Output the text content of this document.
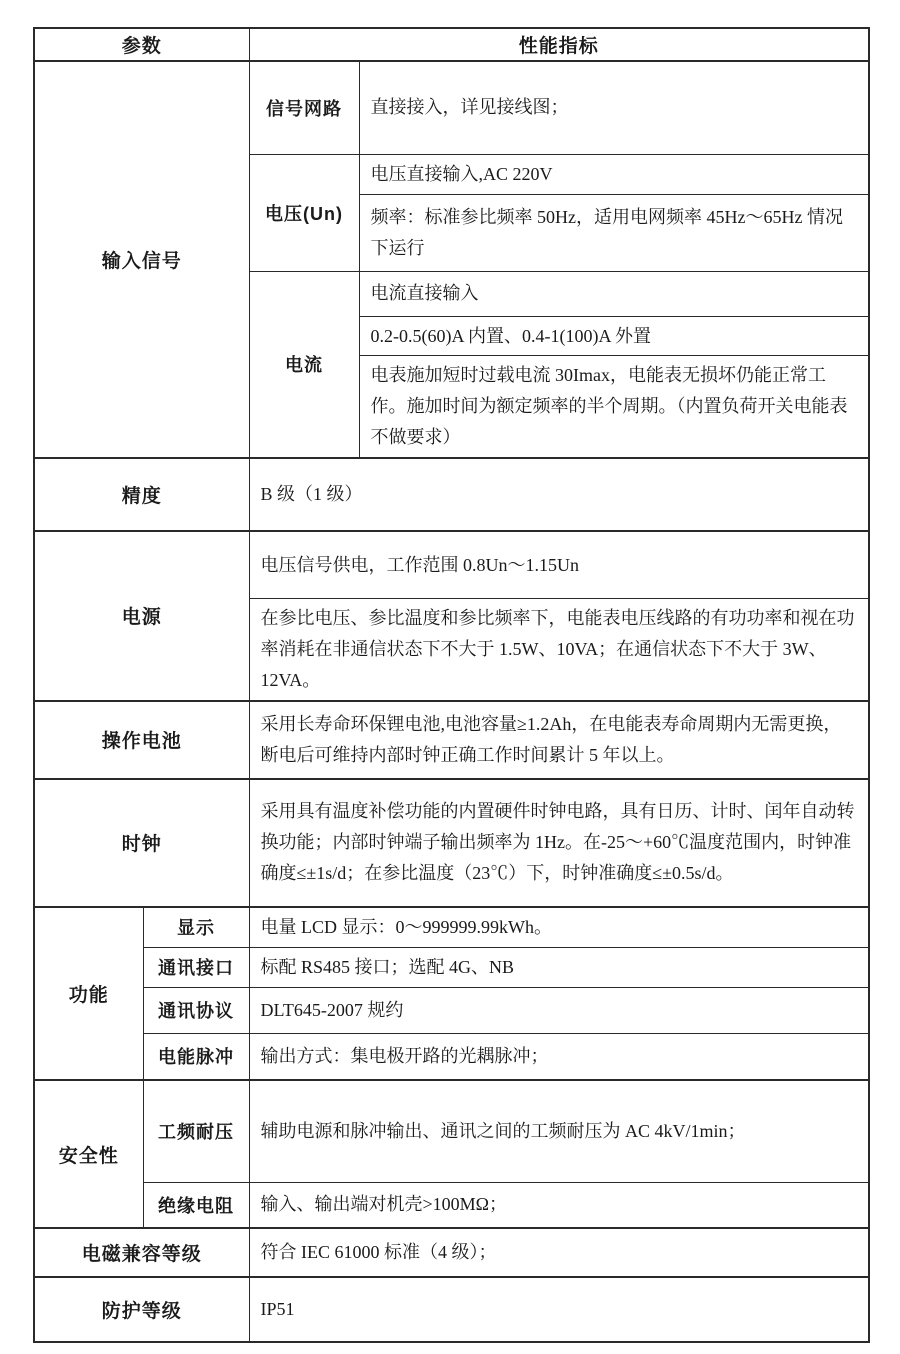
参数		性能指标	
输入信号		信号网路	直接接入，详见接线图；
		电压(Un)	电压直接输入,AC 220V
			频率：标准参比频率 50Hz，适用电网频率 45Hz～65Hz 情况下运行
		电流	电流直接输入
			0.2-0.5(60)A 内置、0.4-1(100)A 外置
			电表施加短时过载电流 30Imax，电能表无损坏仍能正常工作。施加时间为额定频率的半个周期。（内置负荷开关电能表不做要求）
精度		B 级（1 级）	
电源		电压信号供电，工作范围 0.8Un～1.15Un	
		在参比电压、参比温度和参比频率下，电能表电压线路的有功功率和视在功率消耗在非通信状态下不大于 1.5W、10VA；在通信状态下不大于 3W、12VA。	
操作电池		采用长寿命环保锂电池,电池容量≥1.2Ah，在电能表寿命周期内无需更换，断电后可维持内部时钟正确工作时间累计 5 年以上。	
时钟		采用具有温度补偿功能的内置硬件时钟电路，具有日历、计时、闰年自动转换功能；内部时钟端子输出频率为 1Hz。在-25～+60℃温度范围内，时钟准确度≤±1s/d；在参比温度（23℃）下，时钟准确度≤±0.5s/d。	
功能	显示	电量 LCD 显示：0～999999.99kWh。	
	通讯接口	标配 RS485 接口；选配 4G、NB	
	通讯协议	DLT645-2007 规约	
	电能脉冲	输出方式：集电极开路的光耦脉冲；	
安全性	工频耐压	辅助电源和脉冲输出、通讯之间的工频耐压为 AC 4kV/1min；	
	绝缘电阻	输入、输出端对机壳>100MΩ；	
电磁兼容等级		符合 IEC 61000 标准（4 级）；	
防护等级		IP51	
